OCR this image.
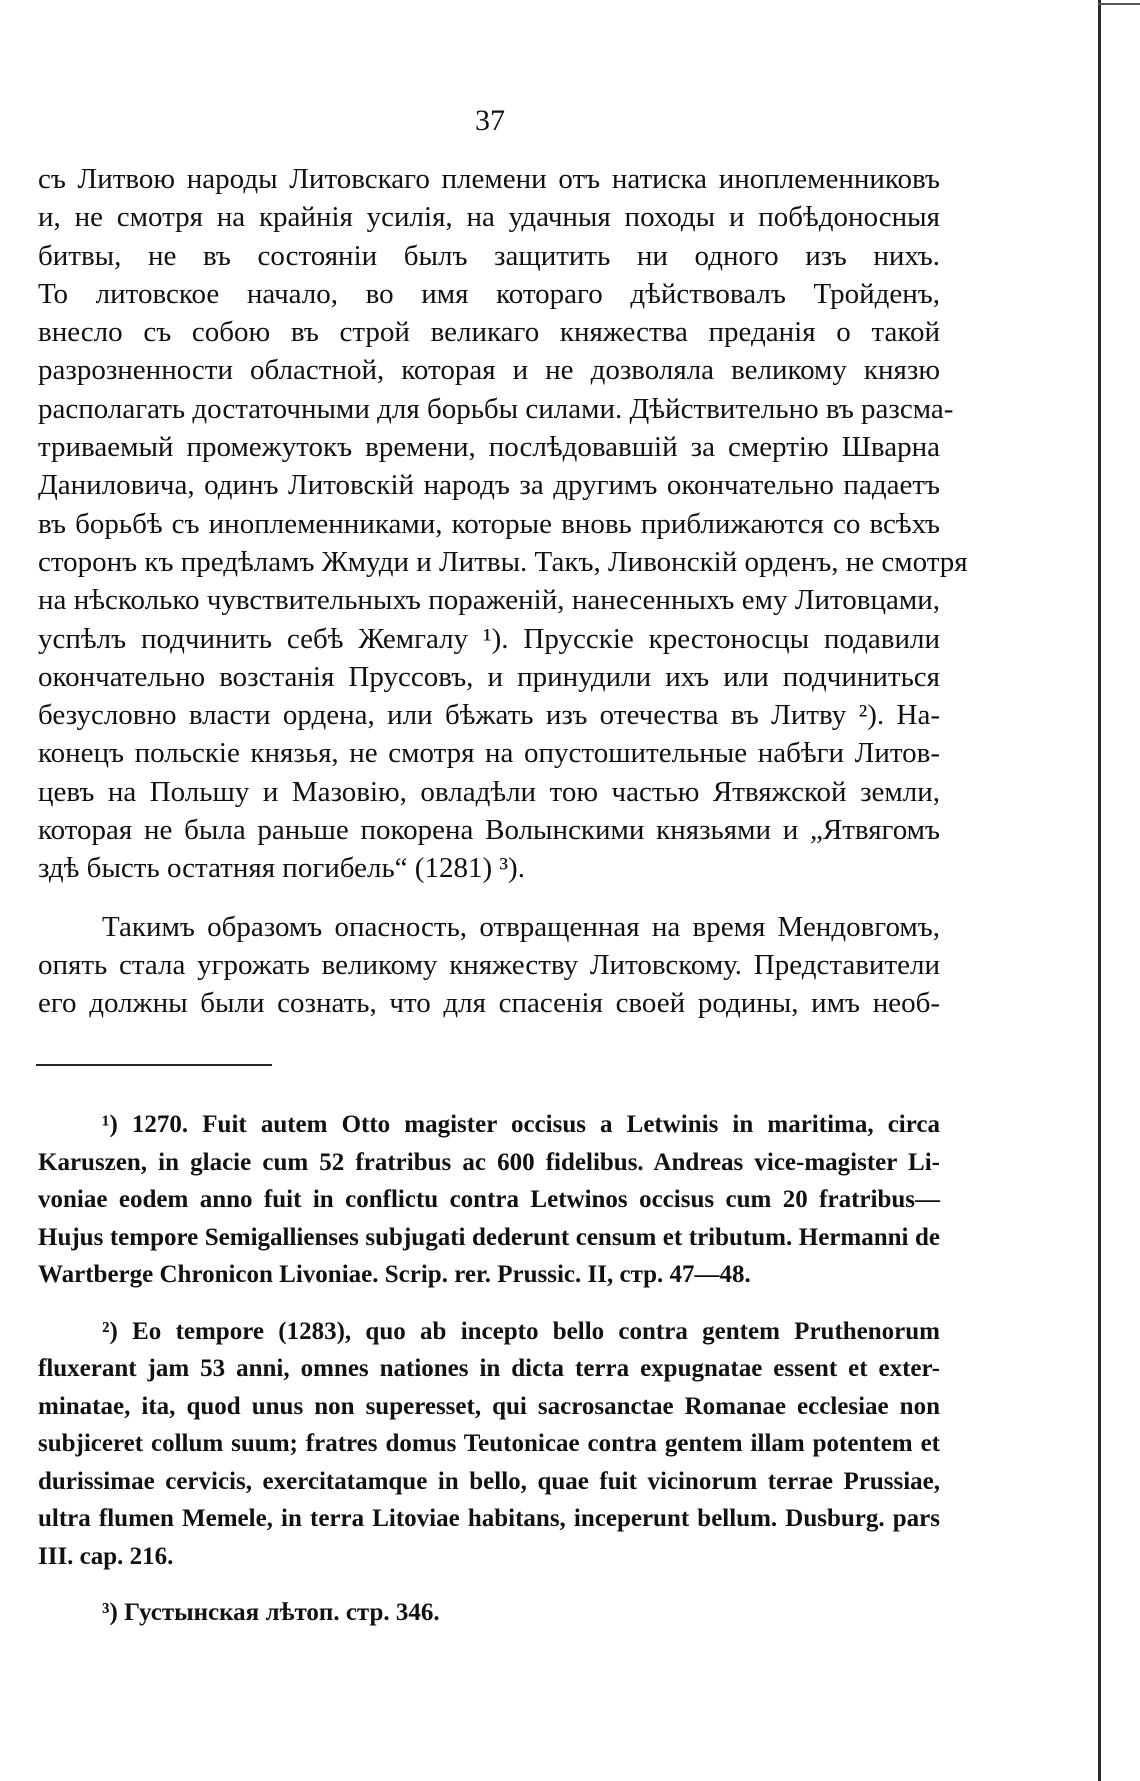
37
съ Литвою народы Литовскаго племени отъ натиска иноплеменниковъ
и, не смотря на крайнія усилія, на удачныя походы и побѣдоносныя
битвы, не въ состояніи былъ защитить ни одного изъ нихъ.
То литовское начало, во имя котораго дѣйствовалъ Тройденъ,
внесло съ собою въ строй великаго княжества преданія о такой
разрозненности областной, которая и не дозволяла великому князю
располагать достаточными для борьбы силами. Дѣйствительно въ разсма-
триваемый промежутокъ времени, послѣдовавшій за смертію Шварна
Даниловича, одинъ Литовскій народъ за другимъ окончательно падаетъ
въ борьбѣ съ иноплеменниками, которые вновь приближаются со всѣхъ
сторонъ къ предѣламъ Жмуди и Литвы. Такъ, Ливонскій орденъ, не смотря
на нѣсколько чувствительныхъ пораженій, нанесенныхъ ему Литовцами,
успѣлъ подчинить себѣ Жемгалу ¹). Прусскіе крестоносцы подавили
окончательно возстанія Пруссовъ, и принудили ихъ или подчиниться
безусловно власти ордена, или бѣжать изъ отечества въ Литву ²). На-
конецъ польскіе князья, не смотря на опустошительные набѣги Литов-
цевъ на Польшу и Мазовію, овладѣли тою частью Ятвяжской земли,
которая не была раньше покорена Волынскими князьями и „Ятвягомъ
здѣ бысть остатняя погибель“ (1281) ³).
Такимъ образомъ опасность, отвращенная на время Мендовгомъ,
опять стала угрожать великому княжеству Литовскому. Представители
его должны были сознать, что для спасенія своей родины, имъ необ-
¹) 1270. Fuit autem Otto magister occisus a Letwinis in maritima, circa
Karuszen, in glacie cum 52 fratribus ac 600 fidelibus. Andreas vice-magister Li-
voniae eodem anno fuit in conflictu contra Letwinos occisus cum 20 fratribus—
Hujus tempore Semigallienses subjugati dederunt censum et tributum. Hermanni de
Wartberge Chronicon Livoniae. Scrip. rer. Prussic. II, стр. 47—48.
²) Eo tempore (1283), quo ab incepto bello contra gentem Pruthenorum
fluxerant jam 53 anni, omnes nationes in dicta terra expugnatae essent et exter-
minatae, ita, quod unus non superesset, qui sacrosanctae Romanae ecclesiae non
subjiceret collum suum; fratres domus Teutonicae contra gentem illam potentem et
durissimae cervicis, exercitatamque in bello, quae fuit vicinorum terrae Prussiae,
ultra flumen Memele, in terra Litoviae habitans, inceperunt bellum. Dusburg. pars
III. cap. 216.
³) Густынская лѣтоп. стр. 346.
